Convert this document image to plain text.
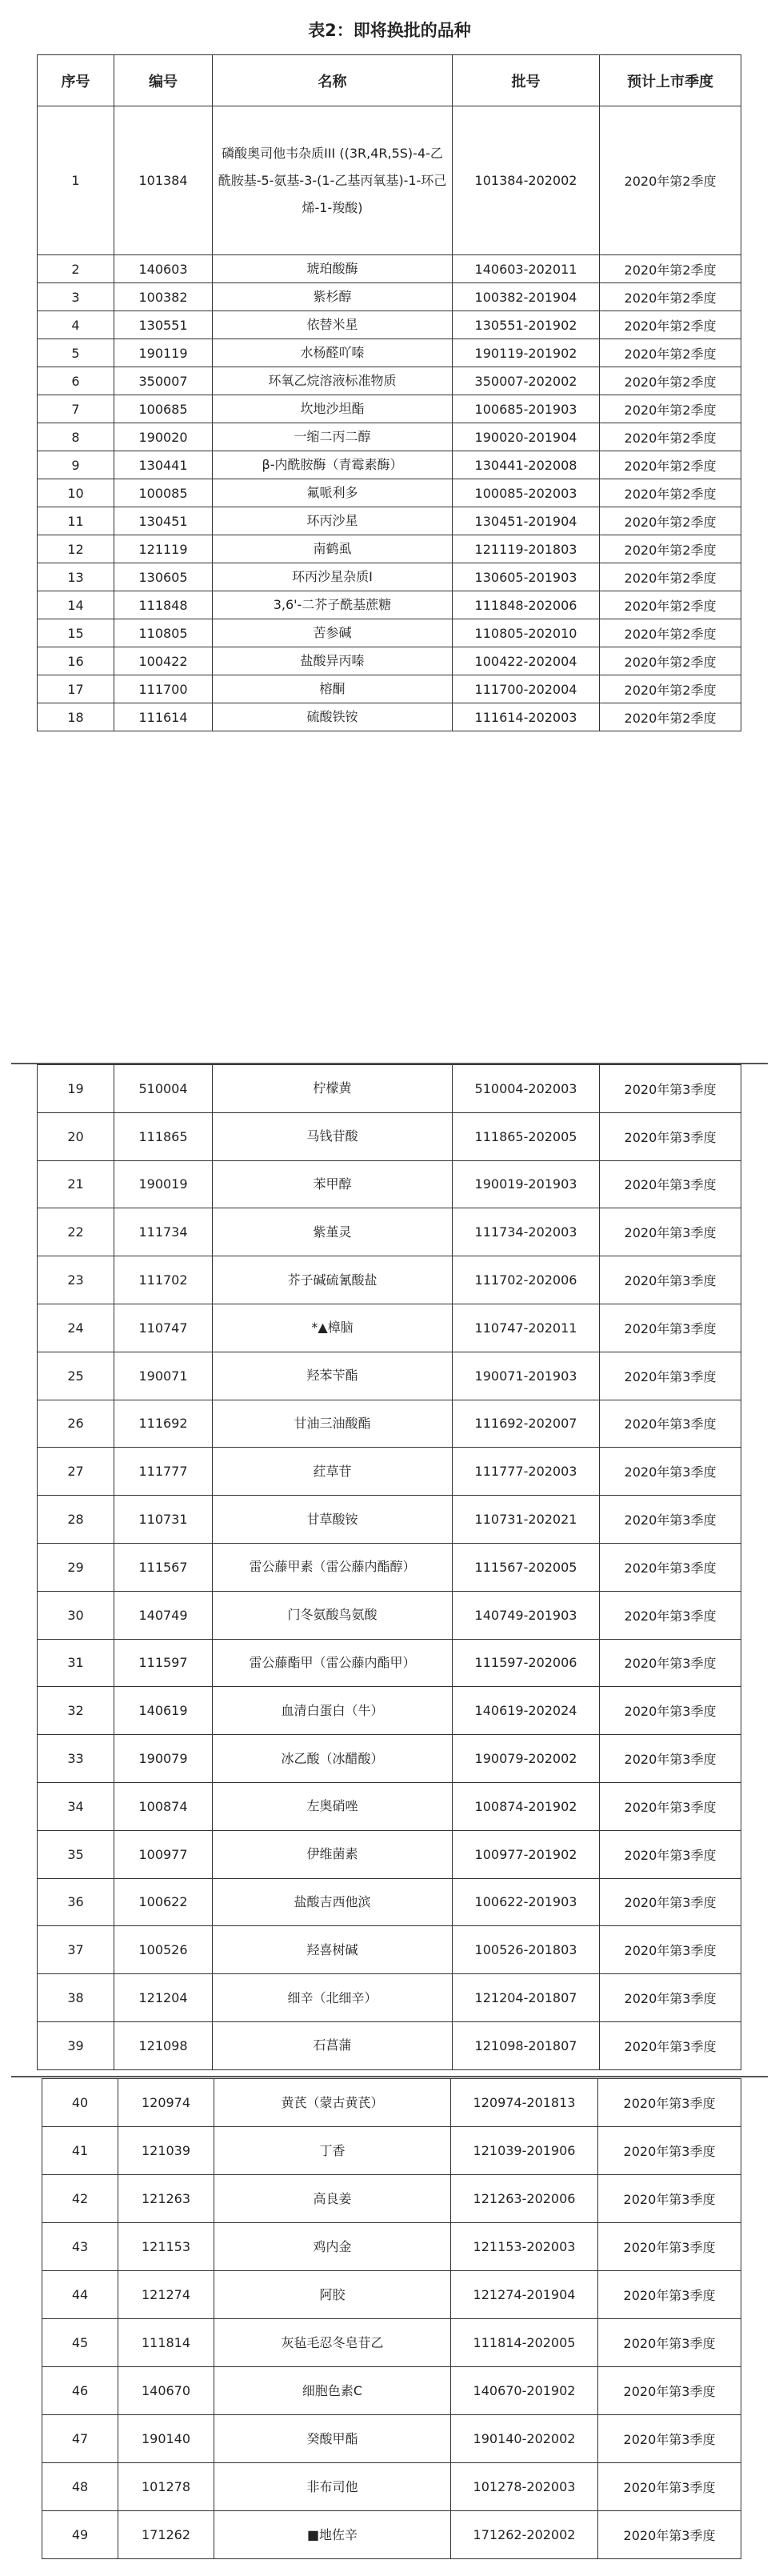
表2：即将换批的品种
序号	编号	名称	批号	预计上市季度
1	101384	磷酸奥司他韦杂质III ((3R,4R,5S)-4-乙酰胺基-5-氨基-3-(1-乙基丙氧基)-1-环己烯-1-羧酸)	101384-202002	2020年第2季度
2	140603	琥珀酸酶	140603-202011	2020年第2季度
3	100382	紫杉醇	100382-201904	2020年第2季度
4	130551	依替米星	130551-201902	2020年第2季度
5	190119	水杨醛吖嗪	190119-201902	2020年第2季度
6	350007	环氧乙烷溶液标准物质	350007-202002	2020年第2季度
7	100685	坎地沙坦酯	100685-201903	2020年第2季度
8	190020	一缩二丙二醇	190020-201904	2020年第2季度
9	130441	β-内酰胺酶（青霉素酶）	130441-202008	2020年第2季度
10	100085	氟哌利多	100085-202003	2020年第2季度
11	130451	环丙沙星	130451-201904	2020年第2季度
12	121119	南鹤虱	121119-201803	2020年第2季度
13	130605	环丙沙星杂质I	130605-201903	2020年第2季度
14	111848	3,6'-二芥子酰基蔗糖	111848-202006	2020年第2季度
15	110805	苦参碱	110805-202010	2020年第2季度
16	100422	盐酸异丙嗪	100422-202004	2020年第2季度
17	111700	榕酮	111700-202004	2020年第2季度
18	111614	硫酸铁铵	111614-202003	2020年第2季度
19	510004	柠檬黄	510004-202003	2020年第3季度
20	111865	马钱苷酸	111865-202005	2020年第3季度
21	190019	苯甲醇	190019-201903	2020年第3季度
22	111734	紫堇灵	111734-202003	2020年第3季度
23	111702	芥子碱硫氰酸盐	111702-202006	2020年第3季度
24	110747	*▲樟脑	110747-202011	2020年第3季度
25	190071	羟苯苄酯	190071-201903	2020年第3季度
26	111692	甘油三油酸酯	111692-202007	2020年第3季度
27	111777	荭草苷	111777-202003	2020年第3季度
28	110731	甘草酸铵	110731-202021	2020年第3季度
29	111567	雷公藤甲素（雷公藤内酯醇）	111567-202005	2020年第3季度
30	140749	门冬氨酸鸟氨酸	140749-201903	2020年第3季度
31	111597	雷公藤酯甲（雷公藤内酯甲）	111597-202006	2020年第3季度
32	140619	血清白蛋白（牛）	140619-202024	2020年第3季度
33	190079	冰乙酸（冰醋酸）	190079-202002	2020年第3季度
34	100874	左奥硝唑	100874-201902	2020年第3季度
35	100977	伊维菌素	100977-201902	2020年第3季度
36	100622	盐酸吉西他滨	100622-201903	2020年第3季度
37	100526	羟喜树碱	100526-201803	2020年第3季度
38	121204	细辛（北细辛）	121204-201807	2020年第3季度
39	121098	石菖蒲	121098-201807	2020年第3季度
40	120974	黄芪（蒙古黄芪）	120974-201813	2020年第3季度
41	121039	丁香	121039-201906	2020年第3季度
42	121263	高良姜	121263-202006	2020年第3季度
43	121153	鸡内金	121153-202003	2020年第3季度
44	121274	阿胶	121274-201904	2020年第3季度
45	111814	灰毡毛忍冬皂苷乙	111814-202005	2020年第3季度
46	140670	细胞色素C	140670-201902	2020年第3季度
47	190140	癸酸甲酯	190140-202002	2020年第3季度
48	101278	非布司他	101278-202003	2020年第3季度
49	171262	■地佐辛	171262-202002	2020年第3季度
